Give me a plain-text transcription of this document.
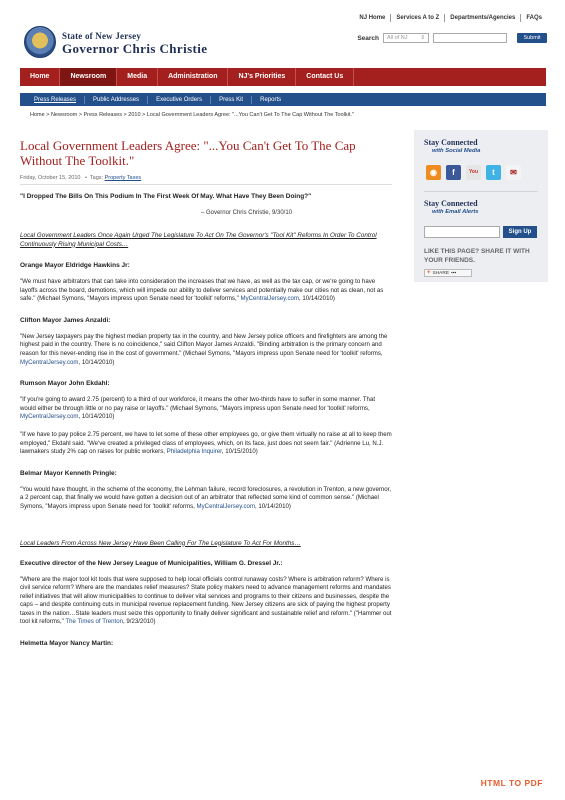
NJ Home	Services A to Z	Departments/Agencies	FAQs
State of New Jersey
Governor Chris Christie
Search All of NJ ⇕	Submit
Home	Newsroom	Media	Administration	NJ's Priorities	Contact Us
Press Releases	Public Addresses	Executive Orders	Press Kit	Reports
Home > Newsroom > Press Releases > 2010 > Local Government Leaders Agree: "...You Can't Get To The Cap Without The Toolkit."
Local Government Leaders Agree: "...You Can't Get To The Cap Without The Toolkit."
Friday, October 15, 2010   •  Tags: Property Taxes
"I Dropped The Bills On This Podium In The First Week Of May. What Have They Been Doing?"
– Governor Chris Christie, 9/30/10
Local Government Leaders Once Again Urged The Legislature To Act On The Governor's "Tool Kit" Reforms In Order To Control Continuously Rising Municipal Costs…
Orange Mayor Eldridge Hawkins Jr:
"We must have arbitrators that can take into consideration the increases that we have, as well as the tax cap, or we're going to have layoffs across the board, demotions, which will impede our ability to deliver services and potentially make our cities not as clean, not as safe." (Michael Symons, "Mayors impress upon Senate need for 'toolkit' reforms," MyCentralJersey.com, 10/14/2010)
Clifton Mayor James Anzaldi:
"New Jersey taxpayers pay the highest median property tax in the country, and New Jersey police officers and firefighters are among the highest paid in the country. There is no coincidence," said Clifton Mayor James Anzaldi. "Binding arbitration is the primary concern and reason for this never-ending rise in the cost of government." (Michael Symons, "Mayors impress upon Senate need for 'toolkit' reforms, MyCentralJersey.com, 10/14/2010)
Rumson Mayor John Ekdahl:
"If you're going to award 2.75 (percent) to a third of our workforce, it means the other two-thirds have to suffer in some manner. That would either be through little or no pay raise or layoffs." (Michael Symons, "Mayors impress upon Senate need for 'toolkit' reforms, MyCentralJersey.com, 10/14/2010)
"If we have to pay police 2.75 percent, we have to let some of these other employees go, or give them virtually no raise at all to keep them employed," Ekdahl said. "We've created a privileged class of employees, which, on its face, just does not seem fair." (Adrienne Lu, N.J. lawmakers study 2% cap on raises for public workers, Philadelphia Inquirer, 10/15/2010)
Belmar Mayor Kenneth Pringle:
"You would have thought, in the scheme of the economy, the Lehman failure, record foreclosures, a revolution in Trenton, a new governor, a 2 percent cap, that finally we would have gotten a decision out of an arbitrator that reflected some kind of common sense." (Michael Symons, "Mayors impress upon Senate need for 'toolkit' reforms, MyCentralJersey.com, 10/14/2010)
Local Leaders From Across New Jersey Have Been Calling For The Legislature To Act For Months…
Executive director of the New Jersey League of Municipalities, William G. Dressel Jr.:
"Where are the major tool kit tools that were supposed to help local officials control runaway costs? Where is arbitration reform? Where is civil service reform? Where are the mandates relief measures? State policy makers need to advance management reforms and mandates relief initiatives that will allow municipalities to continue to deliver vital services and programs to their citizens and businesses, despite the caps – and despite continuing cuts in municipal revenue replacement funding. New Jersey citizens are sick of paying the highest property taxes in the nation…State leaders must seize this opportunity to finally deliver significant and sustainable relief and reform." ("Hammer out tool kit reforms," The Times of Trenton, 9/23/2010)
Helmetta Mayor Nancy Martin:
Stay Connected
with Social Media
◉	f	You	t	✉
Stay Connected
with Email Alerts
Sign Up
LIKE THIS PAGE? SHARE IT WITH YOUR FRIENDS.
+ SHARE ▪▪▪
HTML TO PDF
